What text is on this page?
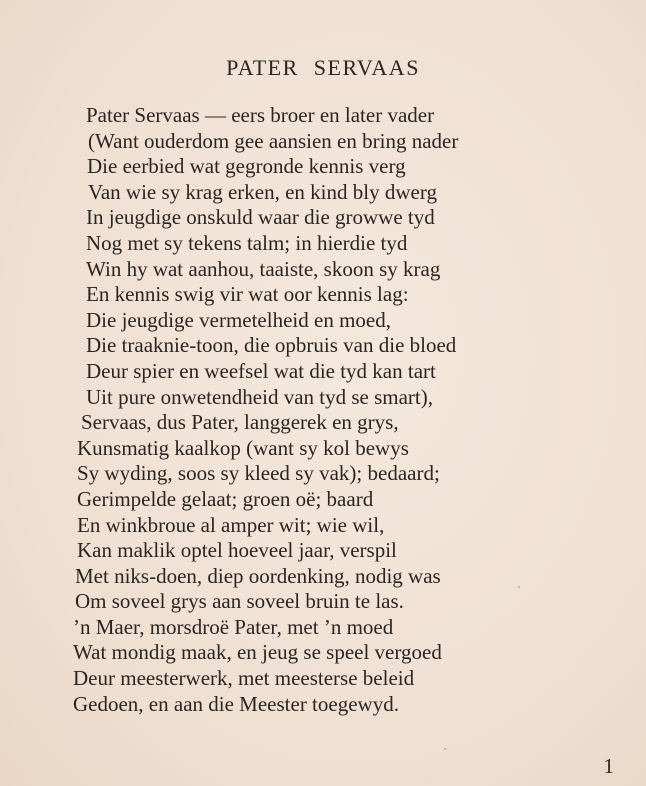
PATER SERVAAS
Pater Servaas — eers broer en later vader
(Want ouderdom gee aansien en bring nader
Die eerbied wat gegronde kennis verg
Van wie sy krag erken, en kind bly dwerg
In jeugdige onskuld waar die growwe tyd
Nog met sy tekens talm; in hierdie tyd
Win hy wat aanhou, taaiste, skoon sy krag
En kennis swig vir wat oor kennis lag:
Die jeugdige vermetelheid en moed,
Die traaknie-toon, die opbruis van die bloed
Deur spier en weefsel wat die tyd kan tart
Uit pure onwetendheid van tyd se smart),
Servaas, dus Pater, langgerek en grys,
Kunsmatig kaalkop (want sy kol bewys
Sy wyding, soos sy kleed sy vak); bedaard;
Gerimpelde gelaat; groen oë; baard
En winkbroue al amper wit; wie wil,
Kan maklik optel hoeveel jaar, verspil
Met niks-doen, diep oordenking, nodig was
Om soveel grys aan soveel bruin te las.
’n Maer, morsdroë Pater, met ’n moed
Wat mondig maak, en jeug se speel vergoed
Deur meesterwerk, met meesterse beleid
Gedoen, en aan die Meester toegewyd.
1
